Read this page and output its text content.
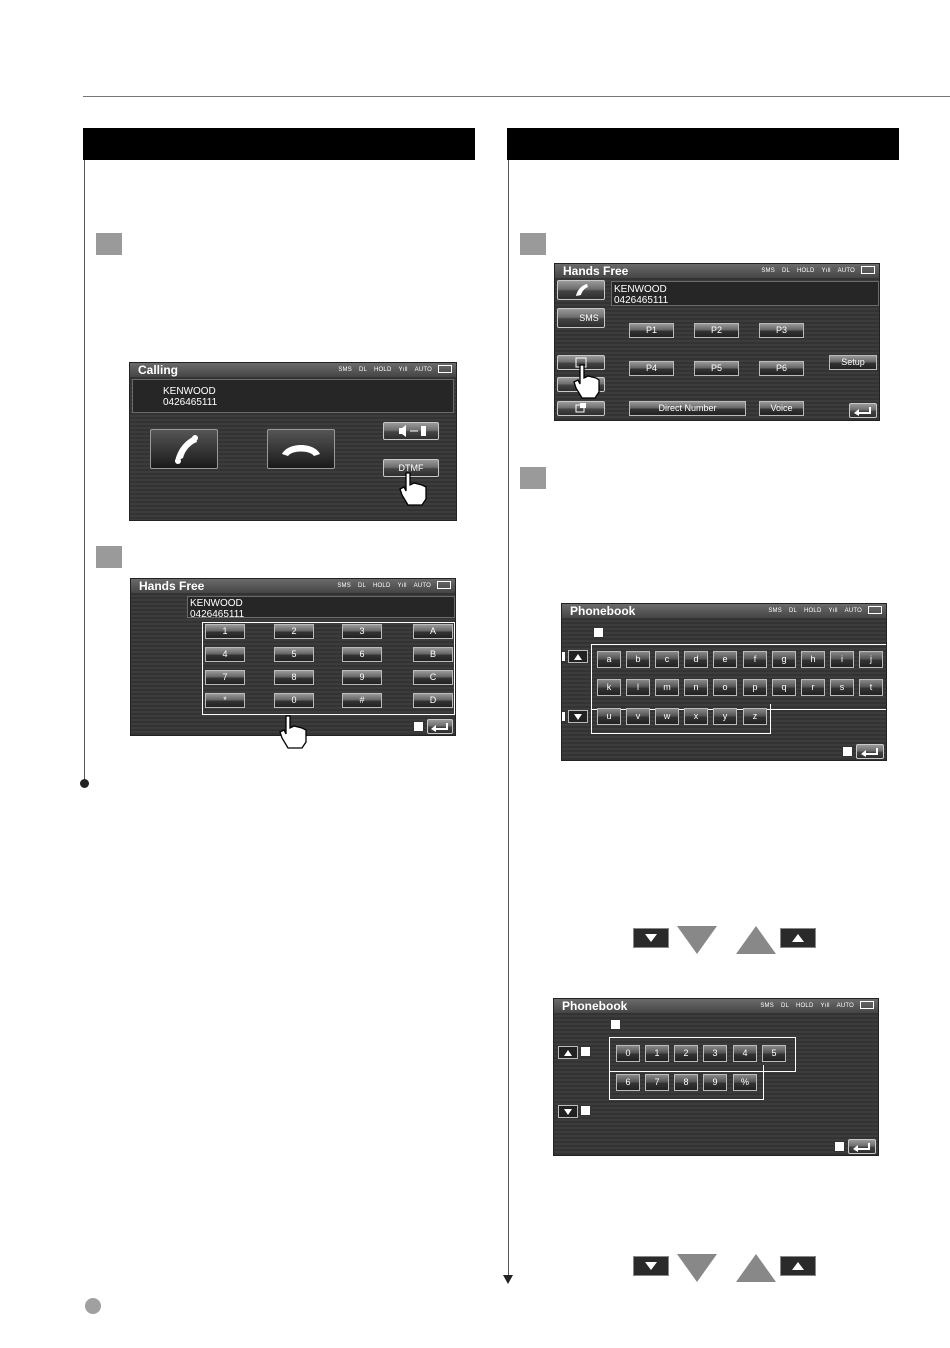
Calling	SMS DL HOLD Yıll AUTO
KENWOOD
0426465111
DTMF
Hands Free	SMS DL HOLD Yıll AUTO
KENWOOD
0426465111
1	2	3	A
4	5	6	B
7	8	9	C
*	0	#	D
Hands Free	SMS DL HOLD Yıll AUTO
KENWOOD
0426465111
SMS
P1	P2	P3
P4	P5	P6
Setup
Direct Number	Voice
Phonebook	SMS DL HOLD Yıll AUTO
a	b	c	d	e	f	g	h	i	j
k	l	m	n	o	p	q	r	s	t
u	v	w	x	y	z
Phonebook	SMS DL HOLD Yıll AUTO
0	1	2	3	4	5
6	7	8	9	%
